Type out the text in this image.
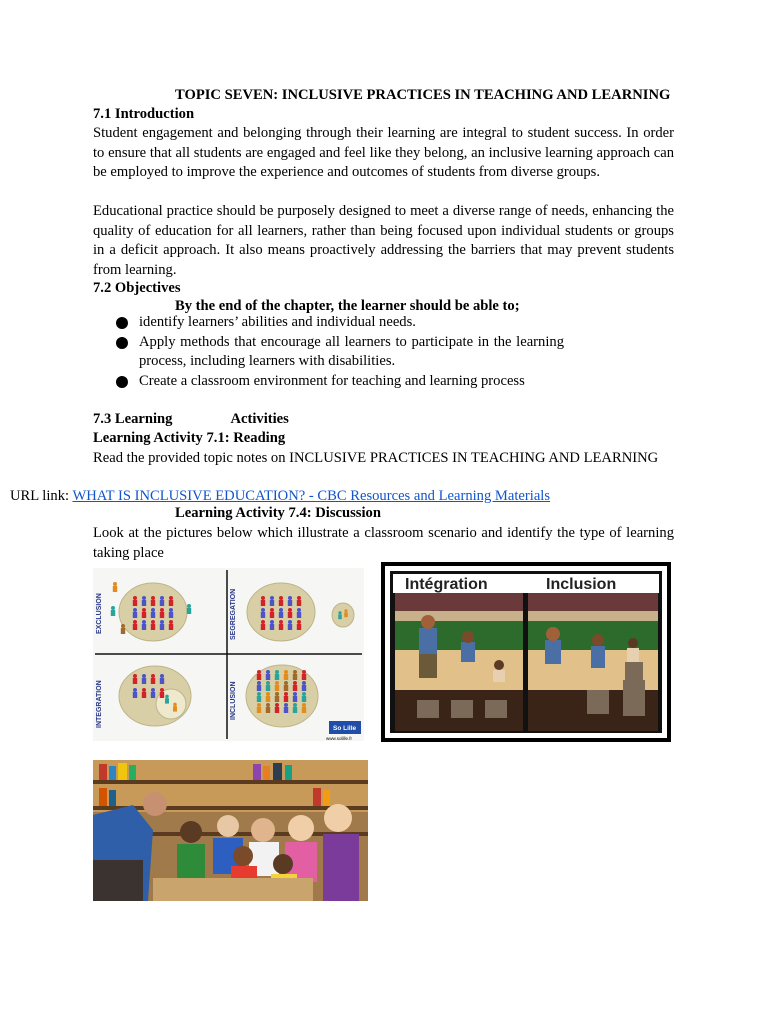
TOPIC SEVEN: INCLUSIVE PRACTICES IN TEACHING AND LEARNING
7.1 Introduction
Student engagement and belonging through their learning are integral to student success. In order to ensure that all students are engaged and feel like they belong, an inclusive learning approach can be employed to improve the experience and outcomes of students from diverse groups.
Educational practice should be purposely designed to meet a diverse range of needs, enhancing the quality of education for all learners, rather than being focused upon individual students or groups in a deficit approach. It also means proactively addressing the barriers that may prevent students from learning.
7.2 Objectives
By the end of the chapter, the learner should be able to;
identify learners’ abilities and individual needs.
Apply methods that encourage all learners to participate in the learning process, including learners with disabilities.
Create a classroom environment for teaching and learning process
7.3 Learning	Activities
Learning Activity 7.1: Reading
Read the provided topic notes on INCLUSIVE PRACTICES IN TEACHING AND LEARNING
URL link: WHAT IS INCLUSIVE EDUCATION? - CBC Resources and Learning Materials
Learning Activity 7.4: Discussion
Look at the pictures below which illustrate a classroom scenario and identify the type of learning taking place
EXCLUSION	SEGREGATION
INTEGRATION	INCLUSION
So Lille
www.solille.fr
Intégration	Inclusion
